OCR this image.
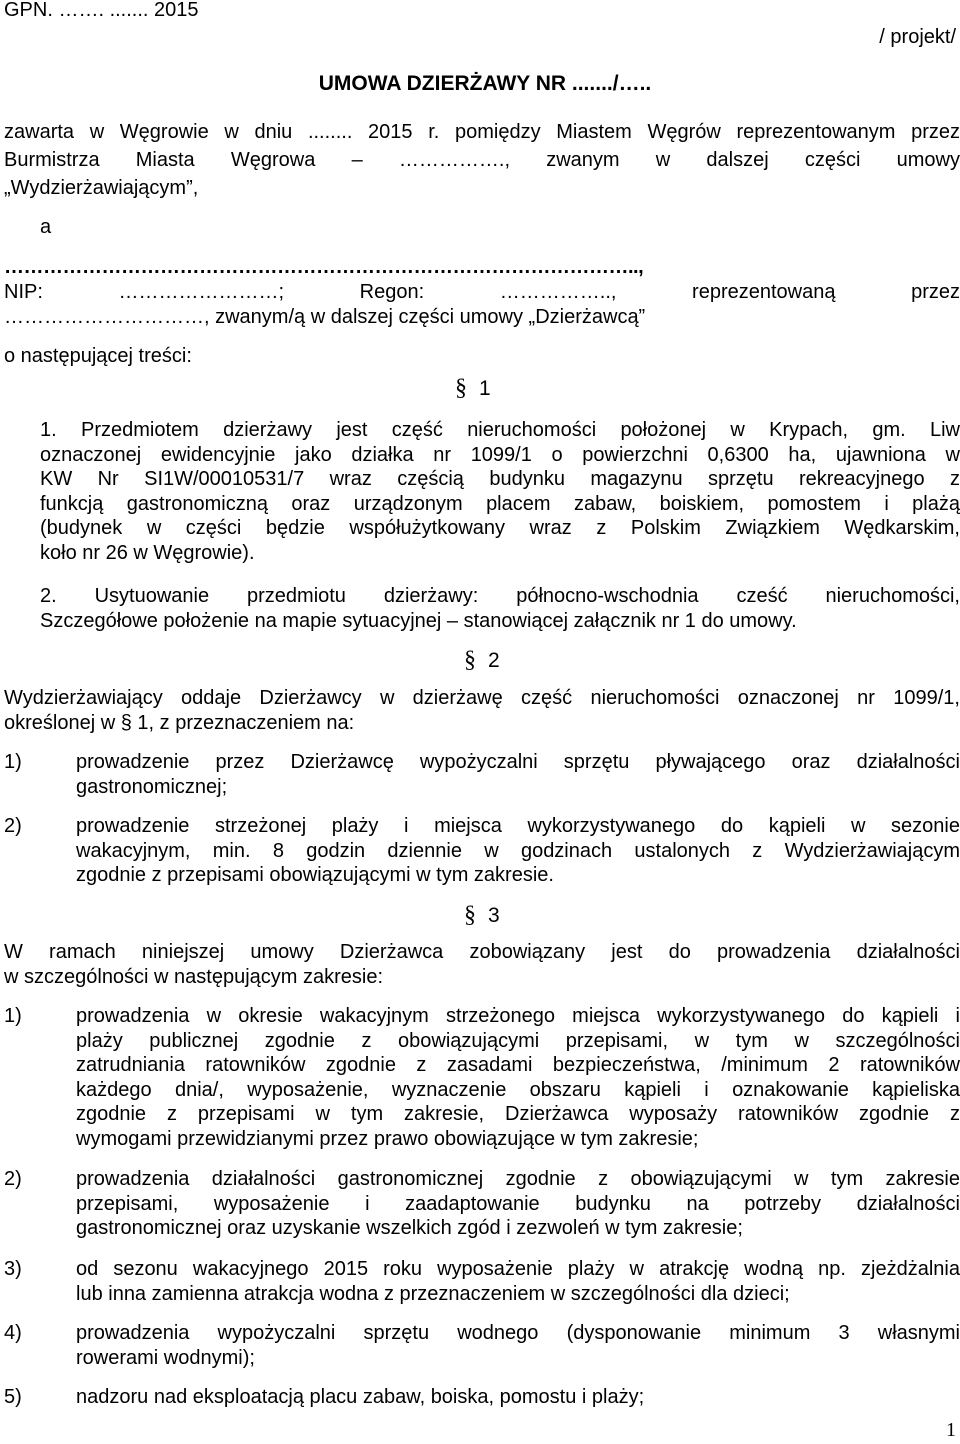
GPN. ……. ....... 2015
/ projekt/
UMOWA DZIERŻAWY NR ......./…..
zawarta w Węgrowie w dniu ........ 2015 r. pomiędzy Miastem Węgrów reprezentowanym przez
Burmistrza Miasta Węgrowa – ……………., zwanym w dalszej części umowy
„Wydzierżawiającym”,
a
……………………………………………………………………………………..,
NIP: ……………………; Regon: …………….., reprezentowaną przez
…………………………, zwanym/ą w dalszej części umowy „Dzierżawcą”
o następującej treści:
§ 1
1. Przedmiotem dzierżawy jest część nieruchomości położonej w Krypach, gm. Liw
oznaczonej ewidencyjnie jako działka nr 1099/1 o powierzchni 0,6300 ha, ujawniona w
KW Nr SI1W/00010531/7 wraz częścią budynku magazynu sprzętu rekreacyjnego z
funkcją gastronomiczną oraz urządzonym placem zabaw, boiskiem, pomostem i plażą
(budynek w części będzie współużytkowany wraz z Polskim Związkiem Wędkarskim,
koło nr 26 w Węgrowie).
2. Usytuowanie przedmiotu dzierżawy: północno-wschodnia cześć nieruchomości,
Szczegółowe położenie na mapie sytuacyjnej – stanowiącej załącznik nr 1 do umowy.
§ 2
Wydzierżawiający oddaje Dzierżawcy w dzierżawę część nieruchomości oznaczonej nr 1099/1,
określonej w § 1, z przeznaczeniem na:
1)	prowadzenie przez Dzierżawcę wypożyczalni sprzętu pływającego oraz działalności
gastronomicznej;
2)	prowadzenie strzeżonej plaży i miejsca wykorzystywanego do kąpieli w sezonie
wakacyjnym, min. 8 godzin dziennie w godzinach ustalonych z Wydzierżawiającym
zgodnie z przepisami obowiązującymi w tym zakresie.
§ 3
W ramach niniejszej umowy Dzierżawca zobowiązany jest do prowadzenia działalności
w szczególności w następującym zakresie:
1)	prowadzenia w okresie wakacyjnym strzeżonego miejsca wykorzystywanego do kąpieli i
plaży publicznej zgodnie z obowiązującymi przepisami, w tym w szczególności
zatrudniania ratowników zgodnie z zasadami bezpieczeństwa, /minimum 2 ratowników
każdego dnia/, wyposażenie, wyznaczenie obszaru kąpieli i oznakowanie kąpieliska
zgodnie z przepisami w tym zakresie, Dzierżawca wyposaży ratowników zgodnie z
wymogami przewidzianymi przez prawo obowiązujące w tym zakresie;
2)	prowadzenia działalności gastronomicznej zgodnie z obowiązującymi w tym zakresie
przepisami, wyposażenie i zaadaptowanie budynku na potrzeby działalności
gastronomicznej oraz uzyskanie wszelkich zgód i zezwoleń w tym zakresie;
3)	od sezonu wakacyjnego 2015 roku wyposażenie plaży w atrakcję wodną np. zjeżdżalnia
lub inna zamienna atrakcja wodna z przeznaczeniem w szczególności dla dzieci;
4)	prowadzenia wypożyczalni sprzętu wodnego (dysponowanie minimum 3 własnymi
rowerami wodnymi);
5)	nadzoru nad eksploatacją placu zabaw, boiska, pomostu i plaży;
1
